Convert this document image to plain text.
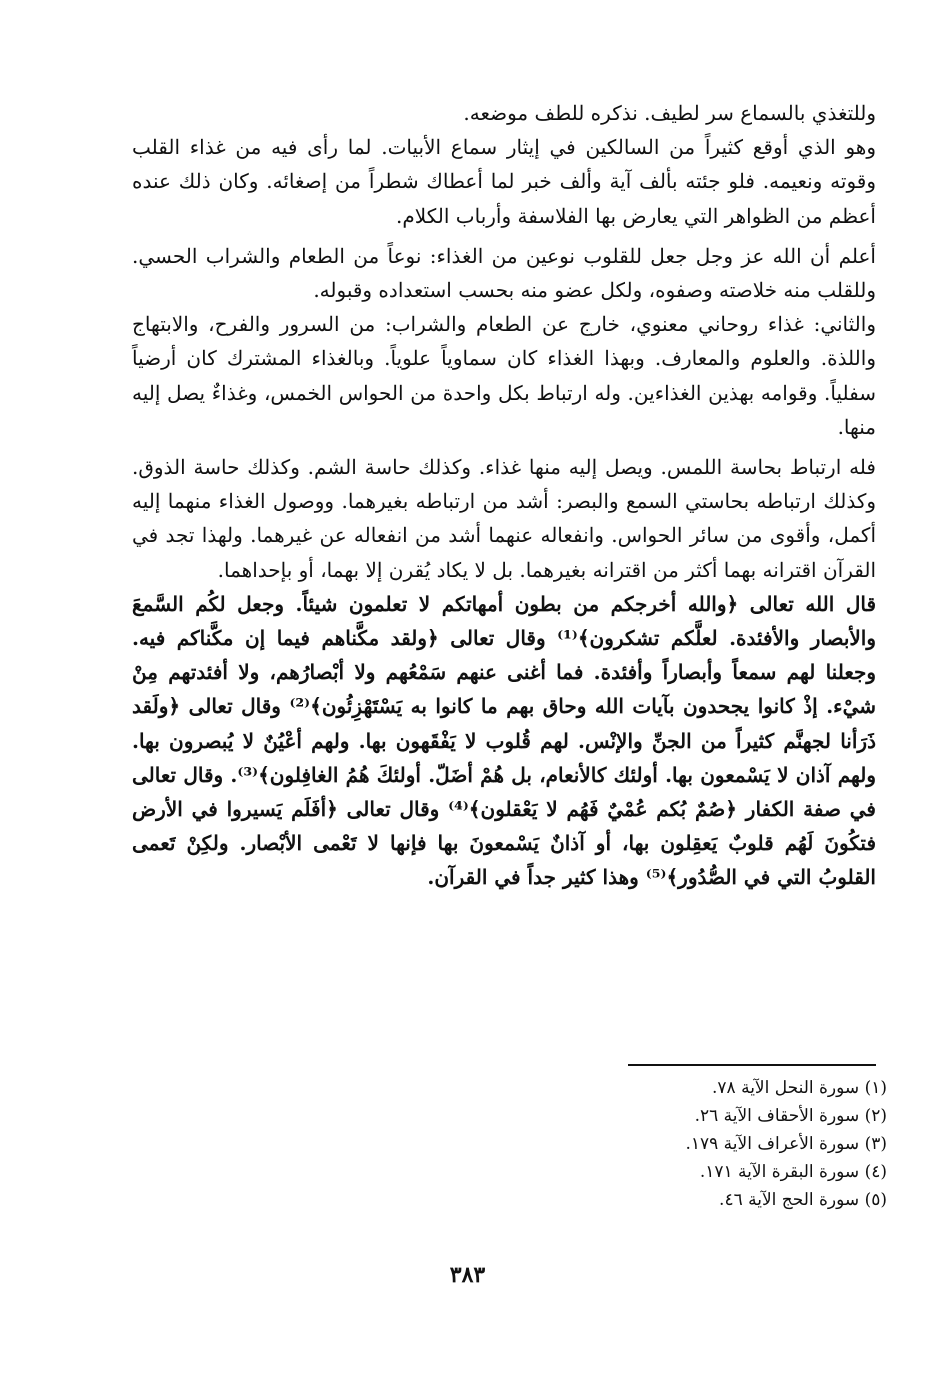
وللتغذي بالسماع سر لطيف. نذكره للطف موضعه.

وهو الذي أوقع كثيراً من السالكين في إيثار سماع الأبيات. لما رأى فيه من غذاء القلب وقوته ونعيمه. فلو جئته بألف آية وألف خبر لما أعطاك شطراً من إصغائه. وكان ذلك عنده أعظم من الظواهر التي يعارض بها الفلاسفة وأرباب الكلام.

أعلم أن الله عز وجل جعل للقلوب نوعين من الغذاء: نوعاً من الطعام والشراب الحسي. وللقلب منه خلاصته وصفوه، ولكل عضو منه بحسب استعداده وقبوله.

والثاني: غذاء روحاني معنوي، خارج عن الطعام والشراب: من السرور والفرح، والابتهاج واللذة. والعلوم والمعارف. وبهذا الغذاء كان سماوياً علوياً. وبالغذاء المشترك كان أرضياً سفلياً. وقوامه بهذين الغذاءين. وله ارتباط بكل واحدة من الحواس الخمس، وغذاءٌ يصل إليه منها.

فله ارتباط بحاسة اللمس. ويصل إليه منها غذاء. وكذلك حاسة الشم. وكذلك حاسة الذوق. وكذلك ارتباطه بحاستي السمع والبصر: أشد من ارتباطه بغيرهما. ووصول الغذاء منهما إليه أكمل، وأقوى من سائر الحواس. وانفعاله عنهما أشد من انفعاله عن غيرهما. ولهذا تجد في القرآن اقترانه بهما أكثر من اقترانه بغيرهما. بل لا يكاد يُقرن إلا بهما، أو بإحداهما.

قال الله تعالى ﴿والله أخرجكم من بطون أمهاتكم لا تعلمون شيئاً. وجعل لكُم السَّمعَ والأبصار والأفئدة. لعلَّكم تشكرون﴾⁽¹⁾ وقال تعالى ﴿ولقد مكَّناهم فيما إن مكَّناكم فيه. وجعلنا لهم سمعاً وأبصاراً وأفئدة. فما أغنى عنهم سَمْعُهم ولا أبْصارُهم، ولا أفئدتهم مِنْ شيْء. إذْ كانوا يجحدون بآيات الله وحاق بهم ما كانوا به يَسْتَهْزِئُون﴾⁽²⁾ وقال تعالى ﴿ولَقد ذَرَأنا لجهنَّم كثيراً من الجنِّ والإنْس. لهم قُلوب لا يَفْقَهون بها. ولهم أعْيُنٌ لا يُبصرون بها. ولهم آذان لا يَسْمعون بها. أولئك كالأنعام، بل هُمْ أضَلّ. أولئكَ هُمُ الغافِلون﴾⁽³⁾. وقال تعالى في صفة الكفار ﴿صُمٌ بُكم عُمْيٌ فَهُم لا يَعْقلون﴾⁽⁴⁾ وقال تعالى ﴿أفَلَم يَسيروا في الأرض فتكُونَ لَهُم قلوبٌ يَعقِلون بها، أو آذانٌ يَسْمعونَ بها فإنها لا تَعْمى الأبْصار. ولكِنْ تَعمى القلوبُ التي في الصُّدُور﴾⁽⁵⁾ وهذا كثير جداً في القرآن.

(١) سورة النحل الآية ٧٨.

(٢) سورة الأحقاف الآية ٢٦.

(٣) سورة الأعراف الآية ١٧٩.

(٤) سورة البقرة الآية ١٧١.

(٥) سورة الحج الآية ٤٦.

٣٨٣
